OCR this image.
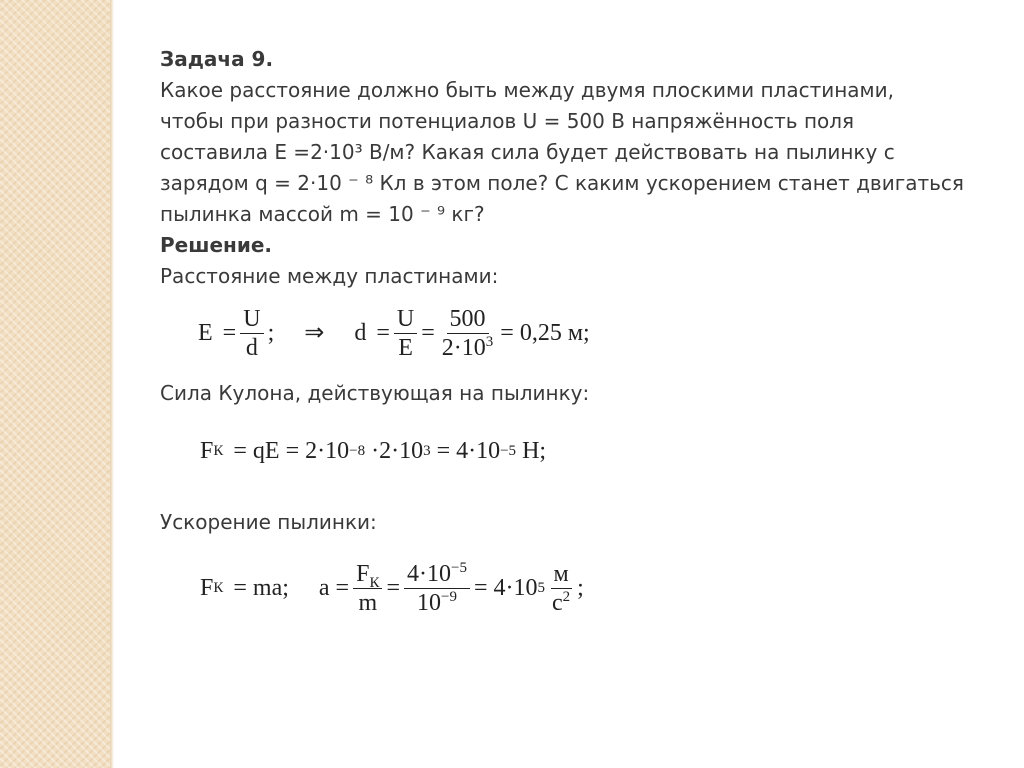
Задача 9.

Какое расстояние должно быть между двумя плоскими пластинами,

чтобы при разности потенциалов U = 500 В напряжённость поля

составила Е =2·10³ В/м? Какая сила будет действовать на пылинку с

зарядом q = 2·10 ⁻ ⁸ Кл в этом поле? С каким ускорением станет двигаться

пылинка массой m = 10 ⁻ ⁹ кг?

Решение.

Расстояние между пластинами:

$E = \frac{U}{d}$ ; ⇒ $d = \frac{U}{E} = \frac{500}{2\cdot 10^3} = 0,25$ м;

Сила Кулона, действующая на пылинку:

F К = qE = 2·10 −8 ·2·10 3 = 4·10 −5 Н;

Ускорение пылинки:

F К = ma; $a = \frac{F_К}{m} = \frac{4\cdot 10^{-5}}{10^{-9}} = 4\cdot 10$ $5 \frac{м}{с^2}$ ;
